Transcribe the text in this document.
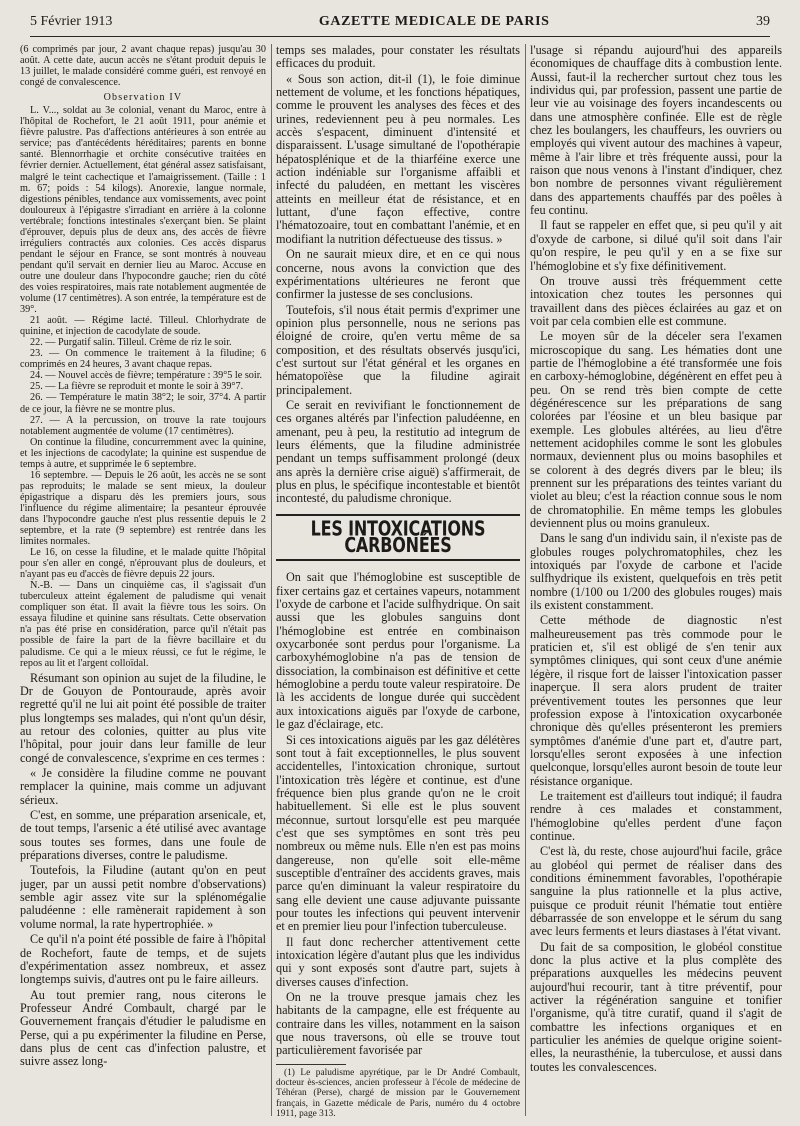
5 Février 1913	GAZETTE MEDICALE DE PARIS	39

(6 comprimés par jour, 2 avant chaque repas) jusqu'au 30 août. A cette date, aucun accès ne s'étant produit depuis le 13 juillet, le malade considéré comme guéri, est renvoyé en congé de convalescence.

Observation IV

L. V..., soldat au 3e colonial, venant du Maroc, entre à l'hôpital de Rochefort, le 21 août 1911, pour anémie et fièvre palustre. Pas d'affections antérieures à son entrée au service; pas d'antécédents héréditaires; parents en bonne santé. Blennorrhagie et orchite consécutive traitées en février dernier. Actuellement, état général assez satisfaisant, malgré le teint cachectique et l'amaigrissement. (Taille : 1 m. 67; poids : 54 kilogs). Anorexie, langue normale, digestions pénibles, tendance aux vomissements, avec point douloureux à l'épigastre s'irradiant en arrière à la colonne vertébrale; fonctions intestinales s'exerçant bien. Se plaint d'éprouver, depuis plus de deux ans, des accès de fièvre irréguliers contractés aux colonies. Ces accès disparus pendant le séjour en France, se sont montrés à nouveau pendant qu'il servait en dernier lieu au Maroc. Accuse en outre une douleur dans l'hypocondre gauche; rien du côté des voies respiratoires, mais rate notablement augmentée de volume (17 centimètres). A son entrée, la température est de 39°.

21 août. — Régime lacté. Tilleul. Chlorhydrate de quinine, et injection de cacodylate de soude.

22. — Purgatif salin. Tilleul. Crème de riz le soir.

23. — On commence le traitement à la filudine; 6 comprimés en 24 heures, 3 avant chaque repas.

24. — Nouvel accès de fièvre; température : 39°5 le soir.

25. — La fièvre se reproduit et monte le soir à 39°7.

26. — Température le matin 38°2; le soir, 37°4. A partir de ce jour, la fièvre ne se montre plus.

27. — A la percussion, on trouve la rate toujours notablement augmentée de volume (17 centimètres).

On continue la filudine, concurremment avec la quinine, et les injections de cacodylate; la quinine est suspendue de temps à autre, et supprimée le 6 septembre.

16 septembre. — Depuis le 26 août, les accès ne se sont pas reproduits; le malade se sent mieux, la douleur épigastrique a disparu dès les premiers jours, sous l'influence du régime alimentaire; la pesanteur éprouvée dans l'hypocondre gauche n'est plus ressentie depuis le 2 septembre, et la rate (9 septembre) est rentrée dans les limites normales.

Le 16, on cesse la filudine, et le malade quitte l'hôpital pour s'en aller en congé, n'éprouvant plus de douleurs, et n'ayant pas eu d'accès de fièvre depuis 22 jours.

N.-B. — Dans un cinquième cas, il s'agissait d'un tuberculeux atteint également de paludisme qui venait compliquer son état. Il avait la fièvre tous les soirs. On essaya filudine et quinine sans résultats. Cette observation n'a pas été prise en considération, parce qu'il n'était pas possible de faire la part de la fièvre bacillaire et du paludisme. Ce qui a le mieux réussi, ce fut le régime, le repos au lit et l'argent colloïdal.

Résumant son opinion au sujet de la filudine, le Dr de Gouyon de Pontouraude, après avoir regretté qu'il ne lui ait point été possible de traiter plus longtemps ses malades, qui n'ont qu'un désir, au retour des colonies, quitter au plus vite l'hôpital, pour jouir dans leur famille de leur congé de convalescence, s'exprime en ces termes :

« Je considère la filudine comme ne pouvant remplacer la quinine, mais comme un adjuvant sérieux.

C'est, en somme, une préparation arsenicale, et, de tout temps, l'arsenic a été utilisé avec avantage sous toutes ses formes, dans une foule de préparations diverses, contre le paludisme.

Toutefois, la Filudine (autant qu'on en peut juger, par un aussi petit nombre d'observations) semble agir assez vite sur la splénomégalie paludéenne : elle ramènerait rapidement à son volume normal, la rate hypertrophiée. »

Ce qu'il n'a point été possible de faire à l'hôpital de Rochefort, faute de temps, et de sujets d'expérimentation assez nombreux, et assez longtemps suivis, d'autres ont pu le faire ailleurs.

Au tout premier rang, nous citerons le Professeur André Combault, chargé par le Gouvernement français d'étudier le paludisme en Perse, qui a pu expérimenter la filudine en Perse, dans plus de cent cas d'infection palustre, et suivre assez long-

temps ses malades, pour constater les résultats efficaces du produit.

« Sous son action, dit-il (1), le foie diminue nettement de volume, et les fonctions hépatiques, comme le prouvent les analyses des fèces et des urines, redeviennent peu à peu normales. Les accès s'espacent, diminuent d'intensité et disparaissent. L'usage simultané de l'opothérapie hépatosplénique et de la thiarféine exerce une action indéniable sur l'organisme affaibli et infecté du paludéen, en mettant les viscères atteints en meilleur état de résistance, et en luttant, d'une façon effective, contre l'hématozoaire, tout en combattant l'anémie, et en modifiant la nutrition défectueuse des tissus. »

On ne saurait mieux dire, et en ce qui nous concerne, nous avons la conviction que des expérimentations ultérieures ne feront que confirmer la justesse de ses conclusions.

Toutefois, s'il nous était permis d'exprimer une opinion plus personnelle, nous ne serions pas éloigné de croire, qu'en vertu même de sa composition, et des résultats observés jusqu'ici, c'est surtout sur l'état général et les organes en hématopoïèse que la filudine agirait principalement.

Ce serait en revivifiant le fonctionnement de ces organes altérés par l'infection paludéenne, en amenant, peu à peu, la restitutio ad integrum de leurs éléments, que la filudine administrée pendant un temps suffisamment prolongé (deux ans après la dernière crise aiguë) s'affirmerait, de plus en plus, le spécifique incontestable et bientôt incontesté, du paludisme chronique.

LES INTOXICATIONS CARBONÉES

On sait que l'hémoglobine est susceptible de fixer certains gaz et certaines vapeurs, notamment l'oxyde de carbone et l'acide sulfhydrique. On sait aussi que les globules sanguins dont l'hémoglobine est entrée en combinaison oxycarbonée sont perdus pour l'organisme. La carboxyhémoglobine n'a pas de tension de dissociation, la combinaison est définitive et cette hémoglobine a perdu toute valeur respiratoire. De là les accidents de longue durée qui succèdent aux intoxications aiguës par l'oxyde de carbone, le gaz d'éclairage, etc.

Si ces intoxications aiguës par les gaz délétères sont tout à fait exceptionnelles, le plus souvent accidentelles, l'intoxication chronique, surtout l'intoxication très légère et continue, est d'une fréquence bien plus grande qu'on ne le croit habituellement. Si elle est le plus souvent méconnue, surtout lorsqu'elle est peu marquée c'est que ses symptômes en sont très peu nombreux ou même nuls. Elle n'en est pas moins dangereuse, non qu'elle soit elle-même susceptible d'entraîner des accidents graves, mais parce qu'en diminuant la valeur respiratoire du sang elle devient une cause adjuvante puissante pour toutes les infections qui peuvent intervenir et en premier lieu pour l'infection tuberculeuse.

Il faut donc rechercher attentivement cette intoxication légère d'autant plus que les individus qui y sont exposés sont d'autre part, sujets à diverses causes d'infection.

On ne la trouve presque jamais chez les habitants de la campagne, elle est fréquente au contraire dans les villes, notamment en la saison que nous traversons, où elle se trouve tout particulièrement favorisée par

(1) Le paludisme apyrétique, par le Dr André Combault, docteur ès-sciences, ancien professeur à l'école de médecine de Téhéran (Perse), chargé de mission par le Gouvernement français, in Gazette médicale de Paris, numéro du 4 octobre 1911, page 313.

l'usage si répandu aujourd'hui des appareils économiques de chauffage dits à combustion lente. Aussi, faut-il la rechercher surtout chez tous les individus qui, par profession, passent une partie de leur vie au voisinage des foyers incandescents ou dans une atmosphère confinée. Elle est de règle chez les boulangers, les chauffeurs, les ouvriers ou employés qui vivent autour des machines à vapeur, même à l'air libre et très fréquente aussi, pour la raison que nous venons à l'instant d'indiquer, chez bon nombre de personnes vivant régulièrement dans des appartements chauffés par des poêles à feu continu.

Il faut se rappeler en effet que, si peu qu'il y ait d'oxyde de carbone, si dilué qu'il soit dans l'air qu'on respire, le peu qu'il y en a se fixe sur l'hémoglobine et s'y fixe définitivement.

On trouve aussi très fréquemment cette intoxication chez toutes les personnes qui travaillent dans des pièces éclairées au gaz et on voit par cela combien elle est commune.

Le moyen sûr de la déceler sera l'examen microscopique du sang. Les hématies dont une partie de l'hémoglobine a été transformée une fois en carboxy-hémoglobine, dégénèrent en effet peu à peu. On se rend très bien compte de cette dégénérescence sur les préparations de sang colorées par l'éosine et un bleu basique par exemple. Les globules altérées, au lieu d'être nettement acidophiles comme le sont les globules normaux, deviennent plus ou moins basophiles et se colorent à des degrés divers par le bleu; ils prennent sur les préparations des teintes variant du violet au bleu; c'est la réaction connue sous le nom de chromatophilie. En même temps les globules deviennent plus ou moins granuleux.

Dans le sang d'un individu sain, il n'existe pas de globules rouges polychromatophiles, chez les intoxiqués par l'oxyde de carbone et l'acide sulfhydrique ils existent, quelquefois en très petit nombre (1/100 ou 1/200 des globules rouges) mais ils existent constamment.

Cette méthode de diagnostic n'est malheureusement pas très commode pour le praticien et, s'il est obligé de s'en tenir aux symptômes cliniques, qui sont ceux d'une anémie légère, il risque fort de laisser l'intoxication passer inaperçue. Il sera alors prudent de traiter préventivement toutes les personnes que leur profession expose à l'intoxication oxycarbonée chronique dès qu'elles présenteront les premiers symptômes d'anémie d'une part et, d'autre part, lorsqu'elles seront exposées à une infection quelconque, lorsqu'elles auront besoin de toute leur résistance organique.

Le traitement est d'ailleurs tout indiqué; il faudra rendre à ces malades et constamment, l'hémoglobine qu'elles perdent d'une façon continue.

C'est là, du reste, chose aujourd'hui facile, grâce au globéol qui permet de réaliser dans des conditions éminemment favorables, l'opothérapie sanguine la plus rationnelle et la plus active, puisque ce produit réunit l'hématie tout entière débarrassée de son enveloppe et le sérum du sang avec leurs ferments et leurs diastases à l'état vivant.

Du fait de sa composition, le globéol constitue donc la plus active et la plus complète des préparations auxquelles les médecins peuvent aujourd'hui recourir, tant à titre préventif, pour activer la régénération sanguine et tonifier l'organisme, qu'à titre curatif, quand il s'agit de combattre les infections organiques et en particulier les anémies de quelque origine soient-elles, la neurasthénie, la tuberculose, et aussi dans toutes les convalescences.
